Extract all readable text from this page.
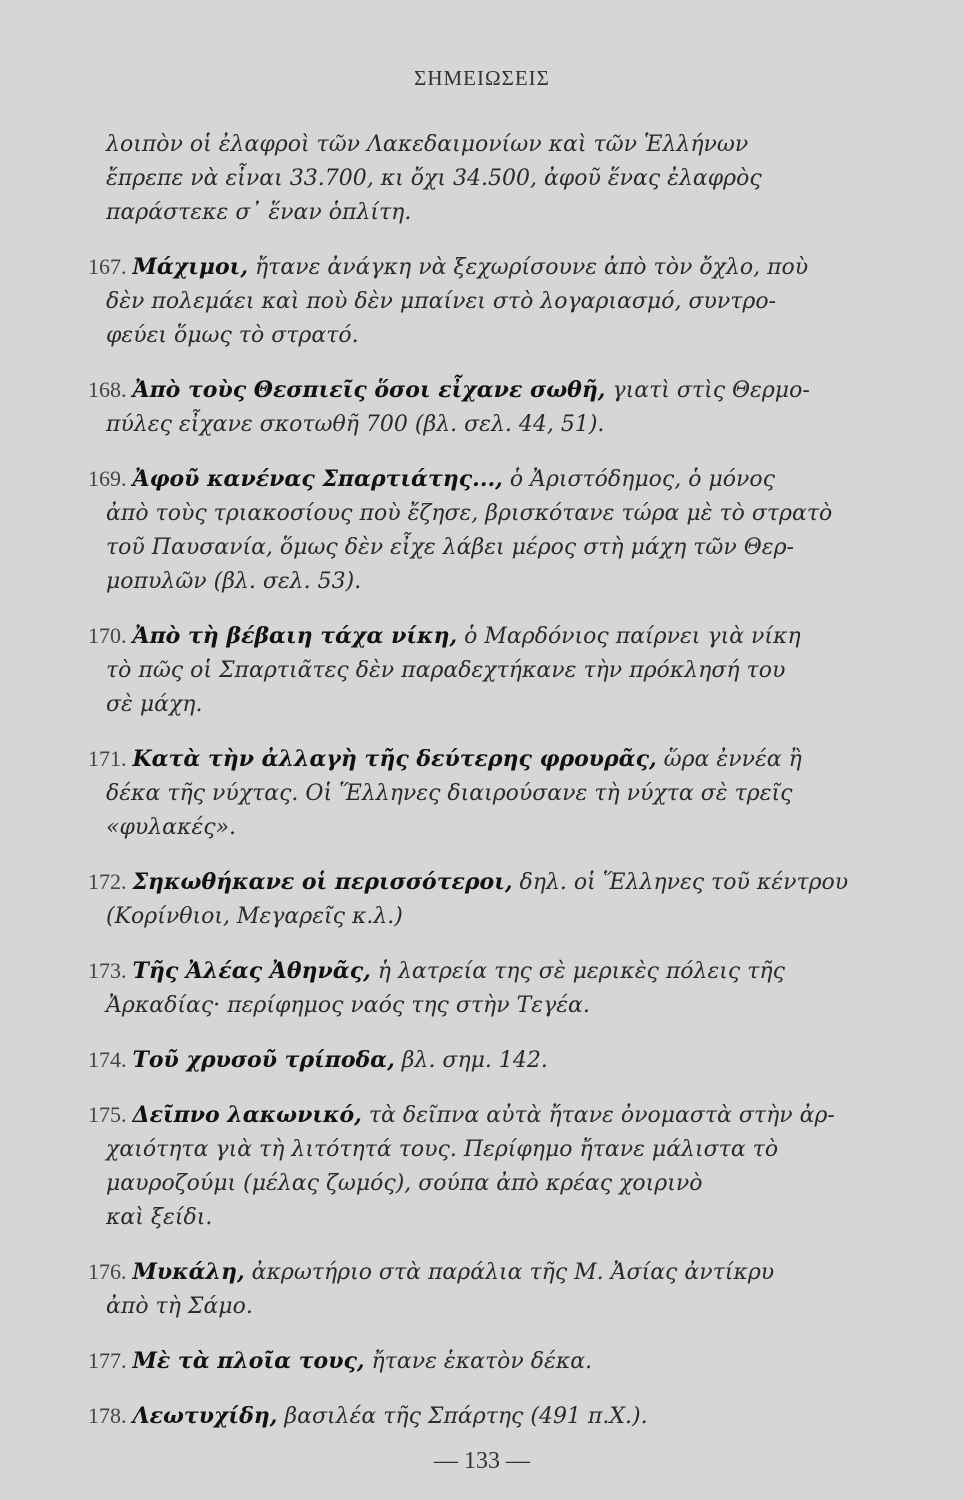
ΣΗΜΕΙΩΣΕΙΣ
λοιπὸν οἱ ἐλαφροὶ τῶν Λακεδαιμονίων καὶ τῶν Ἑλλήνων
ἔπρεπε νὰ εἶναι 33.700, κι ὄχι 34.500, ἀφοῦ ἕνας ἐλαφρὸς
παράστεκε σ᾿ ἕναν ὁπλίτη.
167. Μάχιμοι, ἤτανε ἀνάγκη νὰ ξεχωρίσουνε ἀπὸ τὸν ὄχλο, ποὺ
δὲν πολεμάει καὶ ποὺ δὲν μπαίνει στὸ λογαριασμό, συντρο-
φεύει ὅμως τὸ στρατό.
168. Ἀπὸ τοὺς Θεσπιεῖς ὅσοι εἶχανε σωθῆ, γιατὶ στὶς Θερμο-
πύλες εἶχανε σκοτωθῆ 700 (βλ. σελ. 44, 51).
169. Ἀφοῦ κανένας Σπαρτιάτης..., ὁ Ἀριστόδημος, ὁ μόνος
ἀπὸ τοὺς τριακοσίους ποὺ ἔζησε, βρισκότανε τώρα μὲ τὸ στρατὸ
τοῦ Παυσανία, ὅμως δὲν εἶχε λάβει μέρος στὴ μάχη τῶν Θερ-
μοπυλῶν (βλ. σελ. 53).
170. Ἀπὸ τὴ βέβαιη τάχα νίκη, ὁ Μαρδόνιος παίρνει γιὰ νίκη
τὸ πῶς οἱ Σπαρτιᾶτες δὲν παραδεχτήκανε τὴν πρόκλησή του
σὲ μάχη.
171. Κατὰ τὴν ἀλλαγὴ τῆς δεύτερης φρουρᾶς, ὥρα ἐννέα ἢ
δέκα τῆς νύχτας. Οἱ Ἕλληνες διαιρούσανε τὴ νύχτα σὲ τρεῖς
«φυλακές».
172. Σηκωθήκανε οἱ περισσότεροι, δηλ. οἱ Ἕλληνες τοῦ κέντρου
(Κορίνθιοι, Μεγαρεῖς κ.λ.)
173. Τῆς Ἀλέας Ἀθηνᾶς, ἡ λατρεία της σὲ μερικὲς πόλεις τῆς
Ἀρκαδίας· περίφημος ναός της στὴν Τεγέα.
174. Τοῦ χρυσοῦ τρίποδα, βλ. σημ. 142.
175. Δεῖπνο λακωνικό, τὰ δεῖπνα αὐτὰ ἤτανε ὀνομαστὰ στὴν ἀρ-
χαιότητα γιὰ τὴ λιτότητά τους. Περίφημο ἤτανε μάλιστα τὸ
μαυροζούμι (μέλας ζωμός), σούπα ἀπὸ κρέας χοιρινὸ
καὶ ξείδι.
176. Μυκάλη, ἀκρωτήριο στὰ παράλια τῆς Μ. Ἀσίας ἀντίκρυ
ἀπὸ τὴ Σάμο.
177. Μὲ τὰ πλοῖα τους, ἤτανε ἑκατὸν δέκα.
178. Λεωτυχίδη, βασιλέα τῆς Σπάρτης (491 π.Χ.).
— 133 —
